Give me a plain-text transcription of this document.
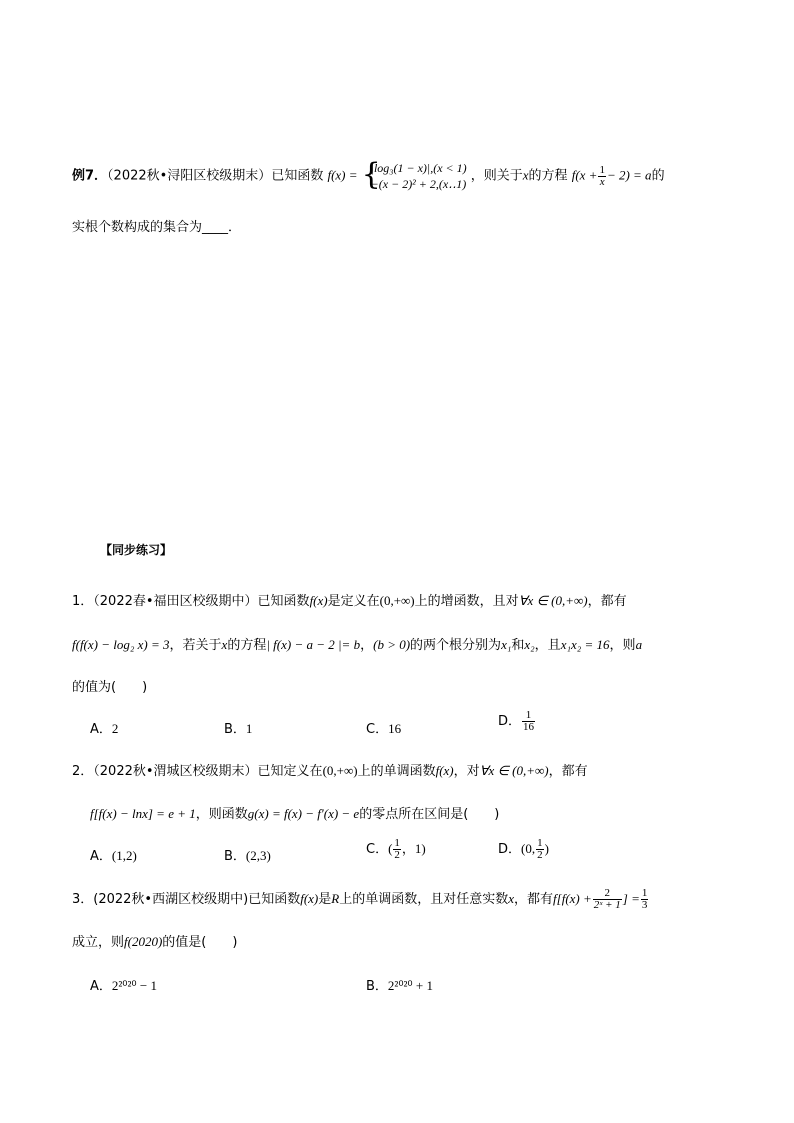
例7．（2022秋•浔阳区校级期末）已知函数 f(x) = {
|log₃(1 − x)|,(x < 1)
−(x − 2)² + 2,(x‥1)
，则关于x的方程 $f(x + \frac{1}{x} - 2) = a$的
实根个数构成的集合为____．
【同步练习】
1．（2022春•福田区校级期中）已知函数f(x)是定义在(0,+∞)上的增函数，且对∀x ∈ (0,+∞)，都有
f(f(x) − log₂ x) = 3，若关于x的方程| f(x) − a − 2 |= b，(b > 0)的两个根分别为x₁和x₂，且x₁x₂ = 16，则a
的值为(　　)
A．2	B．1	C．16	D． $\frac{1}{16}$
2．（2022秋•渭城区校级期末）已知定义在(0,+∞)上的单调函数f(x)，对∀x ∈ (0,+∞)，都有
f[f(x) − lnx] = e + 1，则函数g(x) = f(x) − f′(x) − e的零点所在区间是(　　)
A．(1,2)	B．(2,3)	C．( $\frac{1}{2}$ ，1)	D．(0, $\frac{1}{2}$ )
3．(2022秋•西湖区校级期中)已知函数f(x)是R上的单调函数，且对任意实数x，都有$f[f(x) + \frac{2}{\text{2ˣ + 1}}$ ] = $\frac{1}{3}$
成立，则f(2020)的值是(　　)
A．2²⁰²⁰ − 1	B．2²⁰²⁰ + 1
